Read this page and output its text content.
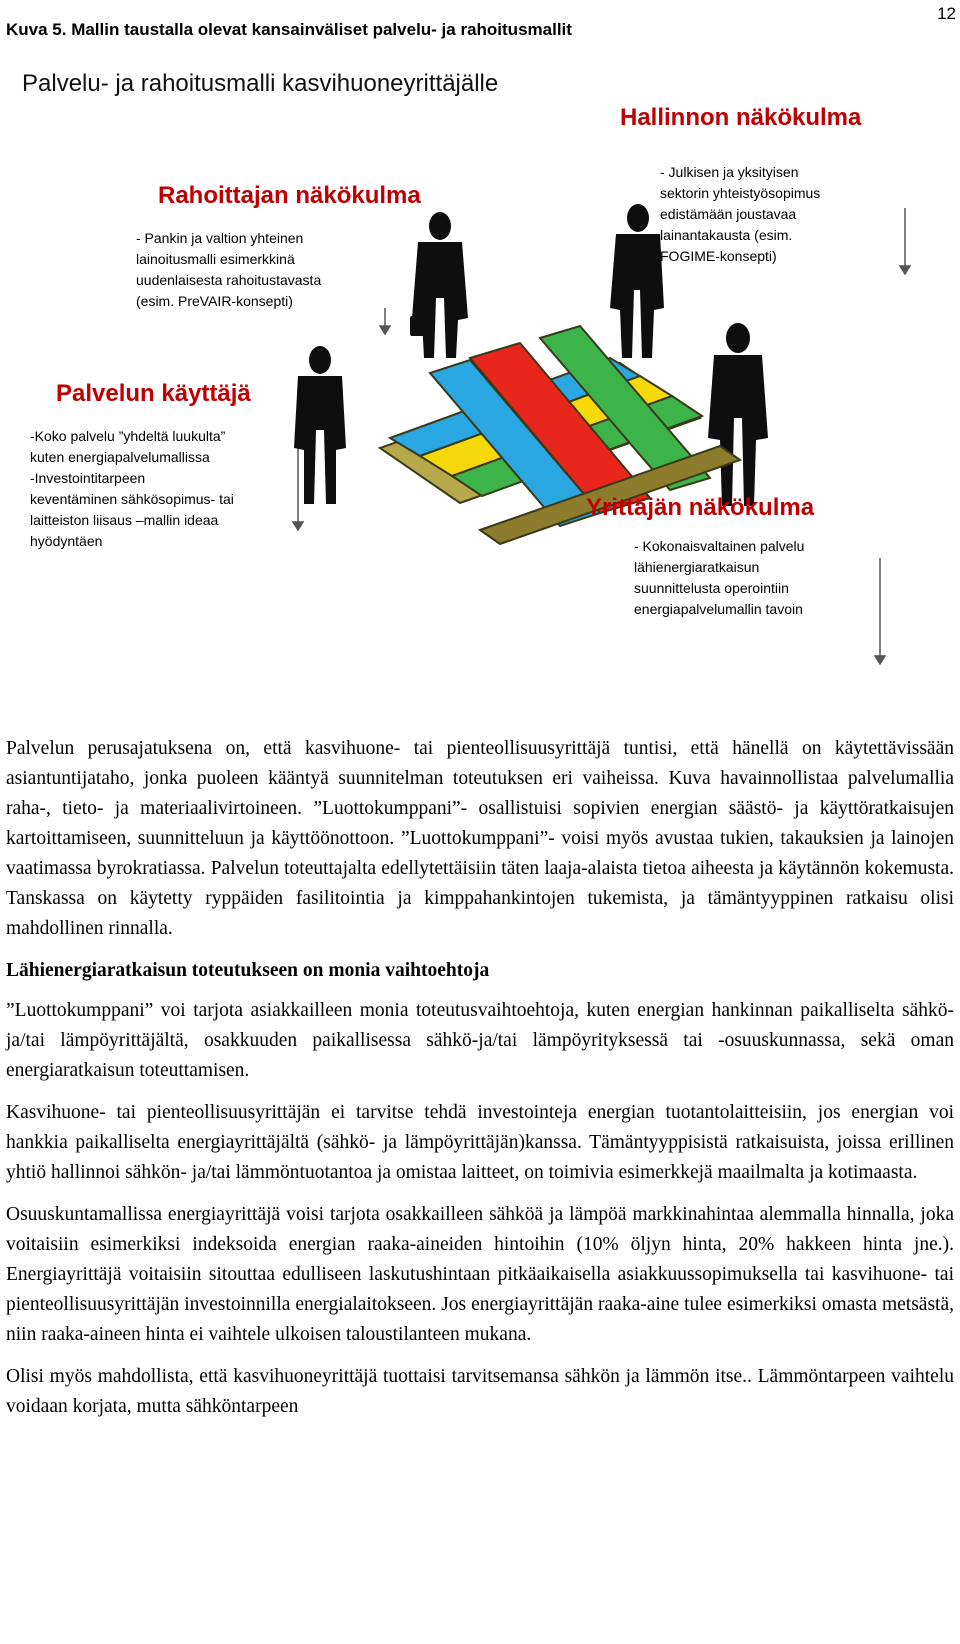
12
Kuva 5. Mallin taustalla olevat kansainväliset palvelu- ja rahoitusmallit
Palvelu- ja rahoitusmalli kasvihuoneyrittäjälle
Rahoittajan näkökulma
- Pankin ja valtion yhteinen
lainoitusmalli esimerkkinä
uudenlaisesta rahoitustavasta
(esim. PreVAIR-konsepti)
Hallinnon näkökulma
- Julkisen ja yksityisen
sektorin yhteistyösopimus
edistämään joustavaa
lainantakausta (esim.
FOGIME-konsepti)
Palvelun käyttäjä
-Koko palvelu ”yhdeltä luukulta”
kuten energiapalvelumallissa
-Investointitarpeen
keventäminen sähkösopimus- tai
laitteiston liisaus –mallin ideaa
hyödyntäen
Yrittäjän näkökulma
- Kokonaisvaltainen palvelu
lähienergiaratkaisun
suunnittelusta operointiin
energiapalvelumallin tavoin

Palvelun perusajatuksena on, että kasvihuone- tai pienteollisuusyrittäjä tuntisi, että hänellä on käytettävissään asiantuntijataho, jonka puoleen kääntyä suunnitelman toteutuksen eri vaiheissa. Kuva havainnollistaa palvelumallia raha-, tieto- ja materiaalivirtoineen. ”Luottokumppani”- osallistuisi sopivien energian säästö- ja käyttöratkaisujen kartoittamiseen, suunnitteluun ja käyttöönottoon. ”Luottokumppani”- voisi myös avustaa tukien, takauksien ja lainojen vaatimassa byrokratiassa. Palvelun toteuttajalta edellytettäisiin täten laaja-alaista tietoa aiheesta ja käytännön kokemusta. Tanskassa on käytetty ryppäiden fasilitointia ja kimppahankintojen tukemista, ja tämäntyyppinen ratkaisu olisi mahdollinen rinnalla.

Lähienergiaratkaisun toteutukseen on monia vaihtoehtoja

”Luottokumppani” voi tarjota asiakkailleen monia toteutusvaihtoehtoja, kuten energian hankinnan paikalliselta sähkö- ja/tai lämpöyrittäjältä, osakkuuden paikallisessa sähkö-ja/tai lämpöyrityksessä tai -osuuskunnassa, sekä oman energiaratkaisun toteuttamisen.

Kasvihuone- tai pienteollisuusyrittäjän ei tarvitse tehdä investointeja energian tuotantolaitteisiin, jos energian voi hankkia paikalliselta energiayrittäjältä (sähkö- ja lämpöyrittäjän)kanssa. Tämäntyyppisistä ratkaisuista, joissa erillinen yhtiö hallinnoi sähkön- ja/tai lämmöntuotantoa ja omistaa laitteet, on toimivia esimerkkejä maailmalta ja kotimaasta.

Osuuskuntamallissa energiayrittäjä voisi tarjota osakkailleen sähköä ja lämpöä markkinahintaa alemmalla hinnalla, joka voitaisiin esimerkiksi indeksoida energian raaka-aineiden hintoihin (10% öljyn hinta, 20% hakkeen hinta jne.). Energiayrittäjä voitaisiin sitouttaa edulliseen laskutushintaan pitkäaikaisella asiakkuussopimuksella tai kasvihuone- tai pienteollisuusyrittäjän investoinnilla energialaitokseen. Jos energiayrittäjän raaka-aine tulee esimerkiksi omasta metsästä, niin raaka-aineen hinta ei vaihtele ulkoisen taloustilanteen mukana.

Olisi myös mahdollista, että kasvihuoneyrittäjä tuottaisi tarvitsemansa sähkön ja lämmön itse.. Lämmöntarpeen vaihtelu voidaan korjata, mutta sähköntarpeen
